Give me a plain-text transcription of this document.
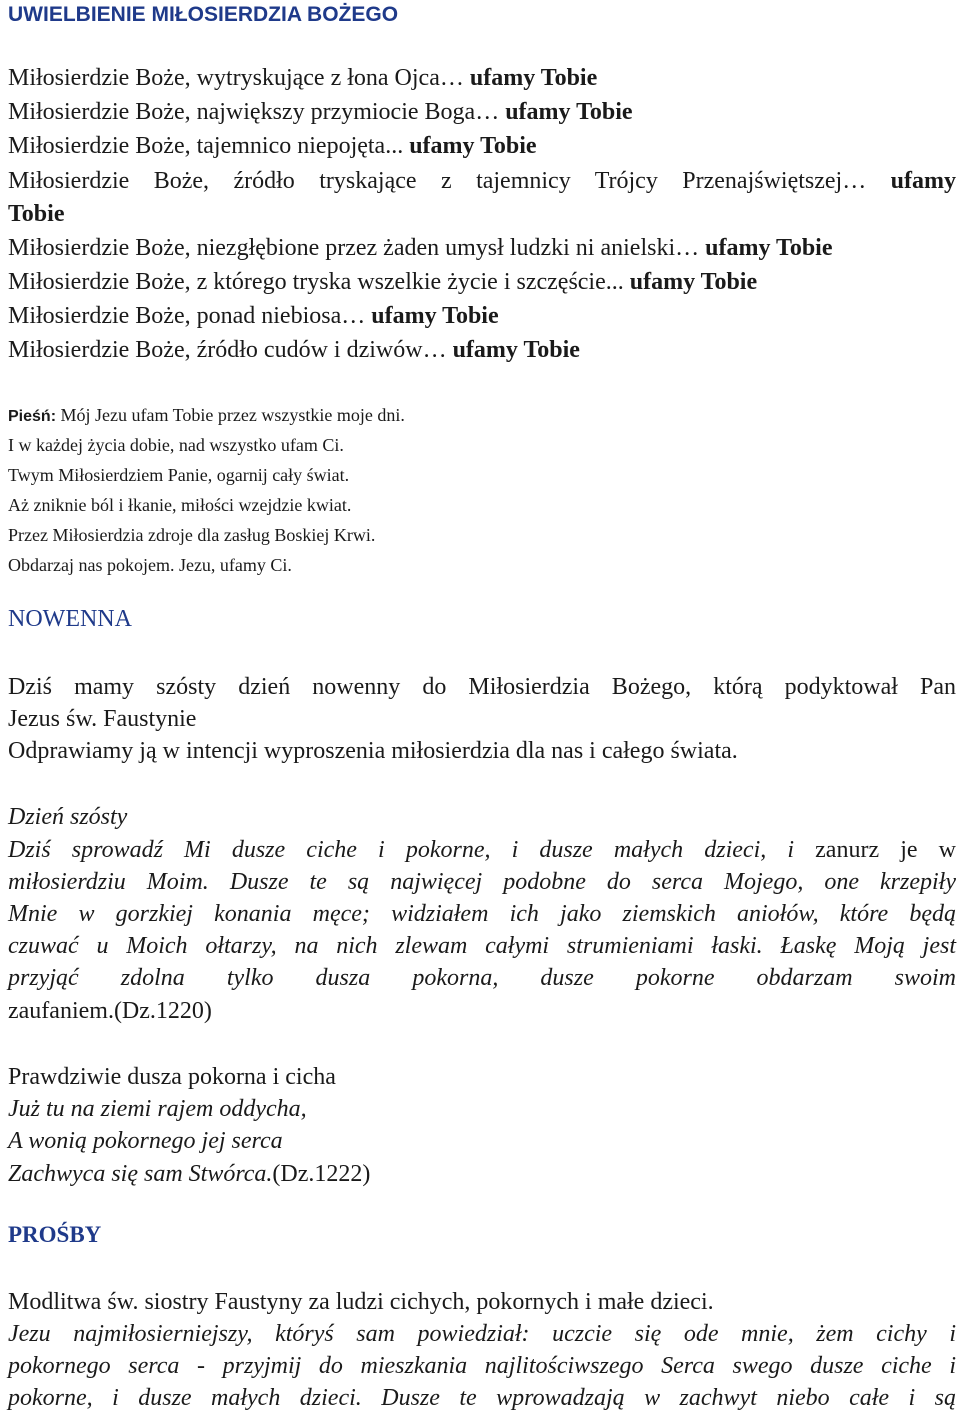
UWIELBIENIE MIŁOSIERDZIA BOŻEGO

Miłosierdzie Boże, wytryskujące z łona Ojca… ufamy Tobie

Miłosierdzie Boże, największy przymiocie Boga… ufamy Tobie

Miłosierdzie Boże, tajemnico niepojęta... ufamy Tobie

Miłosierdzie Boże, źródło tryskające z tajemnicy Trójcy Przenajświętszej… ufamy

Tobie

Miłosierdzie Boże, niezgłębione przez żaden umysł ludzki ni anielski… ufamy Tobie

Miłosierdzie Boże, z którego tryska wszelkie życie i szczęście... ufamy Tobie

Miłosierdzie Boże, ponad niebiosa… ufamy Tobie

Miłosierdzie Boże, źródło cudów i dziwów… ufamy Tobie

Pieśń: Mój Jezu ufam Tobie przez wszystkie moje dni.

I w każdej życia dobie, nad wszystko ufam Ci.

Twym Miłosierdziem Panie, ogarnij cały świat.

Aż zniknie ból i łkanie, miłości wzejdzie kwiat.

Przez Miłosierdzia zdroje dla zasług Boskiej Krwi.

Obdarzaj nas pokojem. Jezu, ufamy Ci.

NOWENNA

Dziś mamy szósty dzień nowenny do Miłosierdzia Bożego, którą podyktował Pan

Jezus św. Faustynie

Odprawiamy ją w intencji wyproszenia miłosierdzia dla nas i całego świata.

Dzień szósty

Dziś sprowadź Mi dusze ciche i pokorne, i dusze małych dzieci, i zanurz je w

miłosierdziu Moim. Dusze te są najwięcej podobne do serca Mojego, one krzepiły

Mnie w gorzkiej konania męce; widziałem ich jako ziemskich aniołów, które będą

czuwać u Moich ołtarzy, na nich zlewam całymi strumieniami łaski. Łaskę Moją jest

przyjąć zdolna tylko dusza pokorna, dusze pokorne obdarzam swoim

zaufaniem.(Dz.1220)

Prawdziwie dusza pokorna i cicha

Już tu na ziemi rajem oddycha,

A wonią pokornego jej serca

Zachwyca się sam Stwórca.(Dz.1222)

PROŚBY

Modlitwa św. siostry Faustyny za ludzi cichych, pokornych i małe dzieci.

Jezu najmiłosierniejszy, któryś sam powiedział: uczcie się ode mnie, żem cichy i

pokornego serca - przyjmij do mieszkania najlitościwszego Serca swego dusze ciche i

pokorne, i dusze małych dzieci. Dusze te wprowadzają w zachwyt niebo całe i są
